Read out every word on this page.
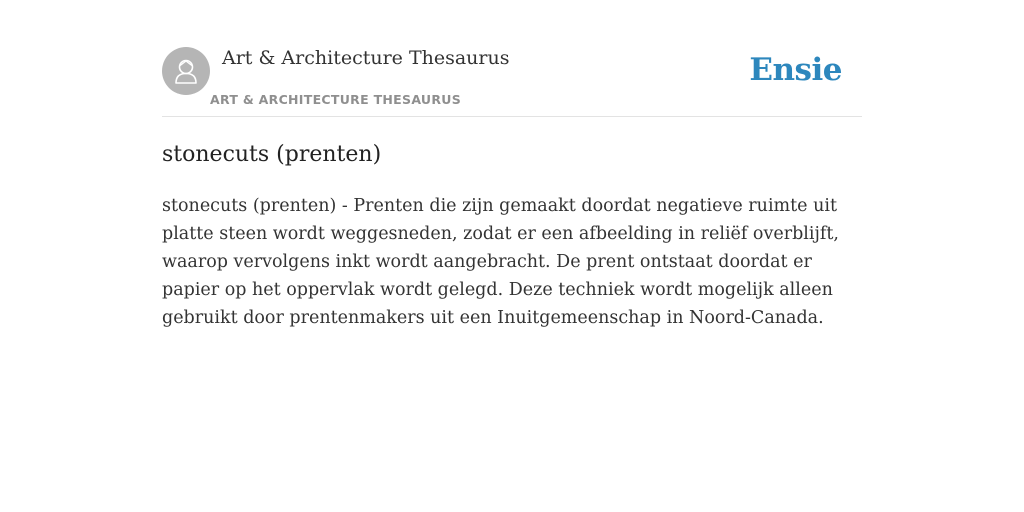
Art & Architecture Thesaurus
ART & ARCHITECTURE THESAURUS
Ensie
stonecuts (prenten)

stonecuts (prenten) - Prenten die zijn gemaakt doordat negatieve ruimte uit platte steen wordt weggesneden, zodat er een afbeelding in reliëf overblijft, waarop vervolgens inkt wordt aangebracht. De prent ontstaat doordat er papier op het oppervlak wordt gelegd. Deze techniek wordt mogelijk alleen gebruikt door prentenmakers uit een Inuitgemeenschap in Noord-Canada.
